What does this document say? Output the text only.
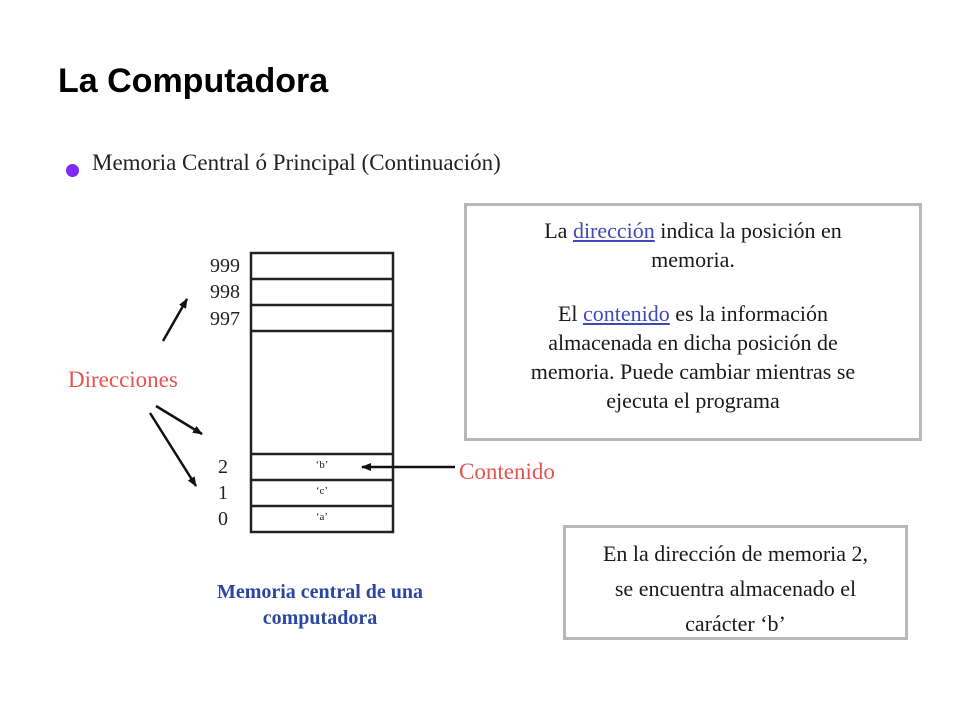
La Computadora
Memoria Central ó Principal (Continuación)
999
998
997
2
1
0
‘b’
‘c’
‘a’
Direcciones
Contenido
Memoria central de una
computadora

La dirección indica la posición en
memoria.

El contenido es la información
almacenada en dicha posición de
memoria. Puede cambiar mientras se
ejecuta el programa

En la dirección de memoria 2,
se encuentra almacenado el
carácter ‘b’
